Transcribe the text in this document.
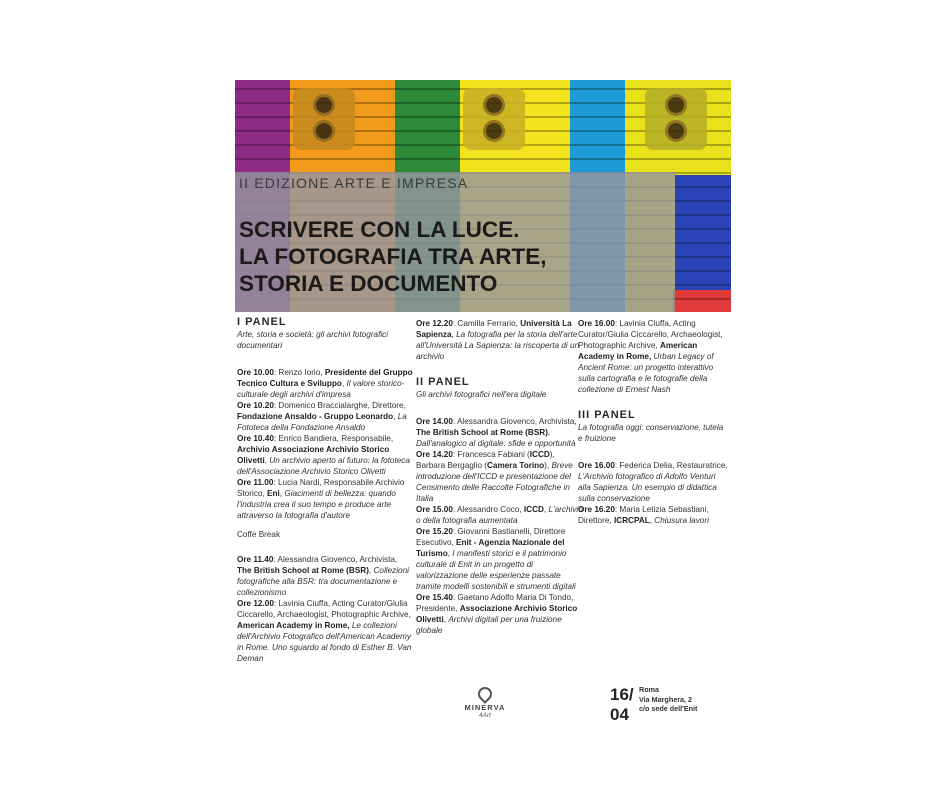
II EDIZIONE ARTE E IMPRESA
SCRIVERE CON LA LUCE.
LA FOTOGRAFIA TRA ARTE,
STORIA E DOCUMENTO
I PANEL
Arte, storia e società: gli archivi fotografici documentari
Ore 10.00: Renzo Iorio, Presidente del Gruppo Tecnico Cultura e Sviluppo, Il valore storico-culturale degli archivi d'impresa
Ore 10.20: Domenico Braccialarghe, Direttore, Fondazione Ansaldo - Gruppo Leonardo, La Fototeca della Fondazione Ansaldo
Ore 10.40: Enrico Bandiera, Responsabile, Archivio Associazione Archivio Storico Olivetti, Un archivio aperto al futuro: la fototeca dell'Associazione Archivio Storico Olivetti
Ore 11.00: Lucia Nardi, Responsabile Archivio Storico, Eni, Giacimenti di bellezza: quando l'industria crea il suo tempo e produce arte attraverso la fotografia d'autore
Coffe Break
Ore 11.40: Alessandra Giovenco, Archivista, The British School at Rome (BSR), Collezioni fotografiche alla BSR: tra documentazione e collezionismo
Ore 12.00: Lavinia Ciuffa, Acting Curator/Giulia Ciccarello, Archaeologist, Photographic Archive, American Academy in Rome, Le collezioni dell'Archivio Fotografico dell'American Academy in Rome. Uno sguardo al fondo di Esther B. Van Deman
Ore 12.20: Camilla Ferrario, Università La Sapienza, La fotografia per la storia dell'arte all'Università La Sapienza: la riscoperta di un archivio
II PANEL
Gli archivi fotografici nell'era digitale
Ore 14.00: Alessandra Giovenco, Archivista, The British School at Rome (BSR), Dall'analogico al digitale: sfide e opportunità
Ore 14.20: Francesca Fabiani (ICCD), Barbara Bergaglio (Camera Torino), Breve introduzione dell'ICCD e presentazione del Censimento delle Raccolte Fotografiche in Italia
Ore 15.00: Alessandro Coco, ICCD, L'archivio o della fotografia aumentata
Ore 15.20: Giovanni Bastianelli, Direttore Esecutivo, Enit - Agenzia Nazionale del Turismo, I manifesti storici e il patrimonio culturale di Enit in un progetto di valorizzazione delle esperienze passate tramite modelli sostenibili e strumenti digitali
Ore 15.40: Gaetano Adolfo Maria Di Tondo, Presidente, Associazione Archivio Storico Olivetti, Archivi digitali per una fruizione globale
Ore 16.00: Lavinia Ciuffa, Acting Curator/Giulia Ciccarello, Archaeologist, Photographic Archive, American Academy in Rome, Urban Legacy of Ancient Rome: un progetto interattivo sulla cartografia e le fotografie della collezione di Ernest Nash
III PANEL
La fotografia oggi: conservazione, tutela e fruizione
Ore 16.00: Federica Delia, Restauratrice, L'Archivio fotografico di Adolfo Venturi alla Sapienza. Un esempio di didattica sulla conservazione
Ore 16.20: Maria Letizia Sebastiani, Direttore, ICRCPAL, Chiusura lavori
MINERVA
4Art
16/
04
Roma
Via Marghera, 2
c/o sede dell'Enit
